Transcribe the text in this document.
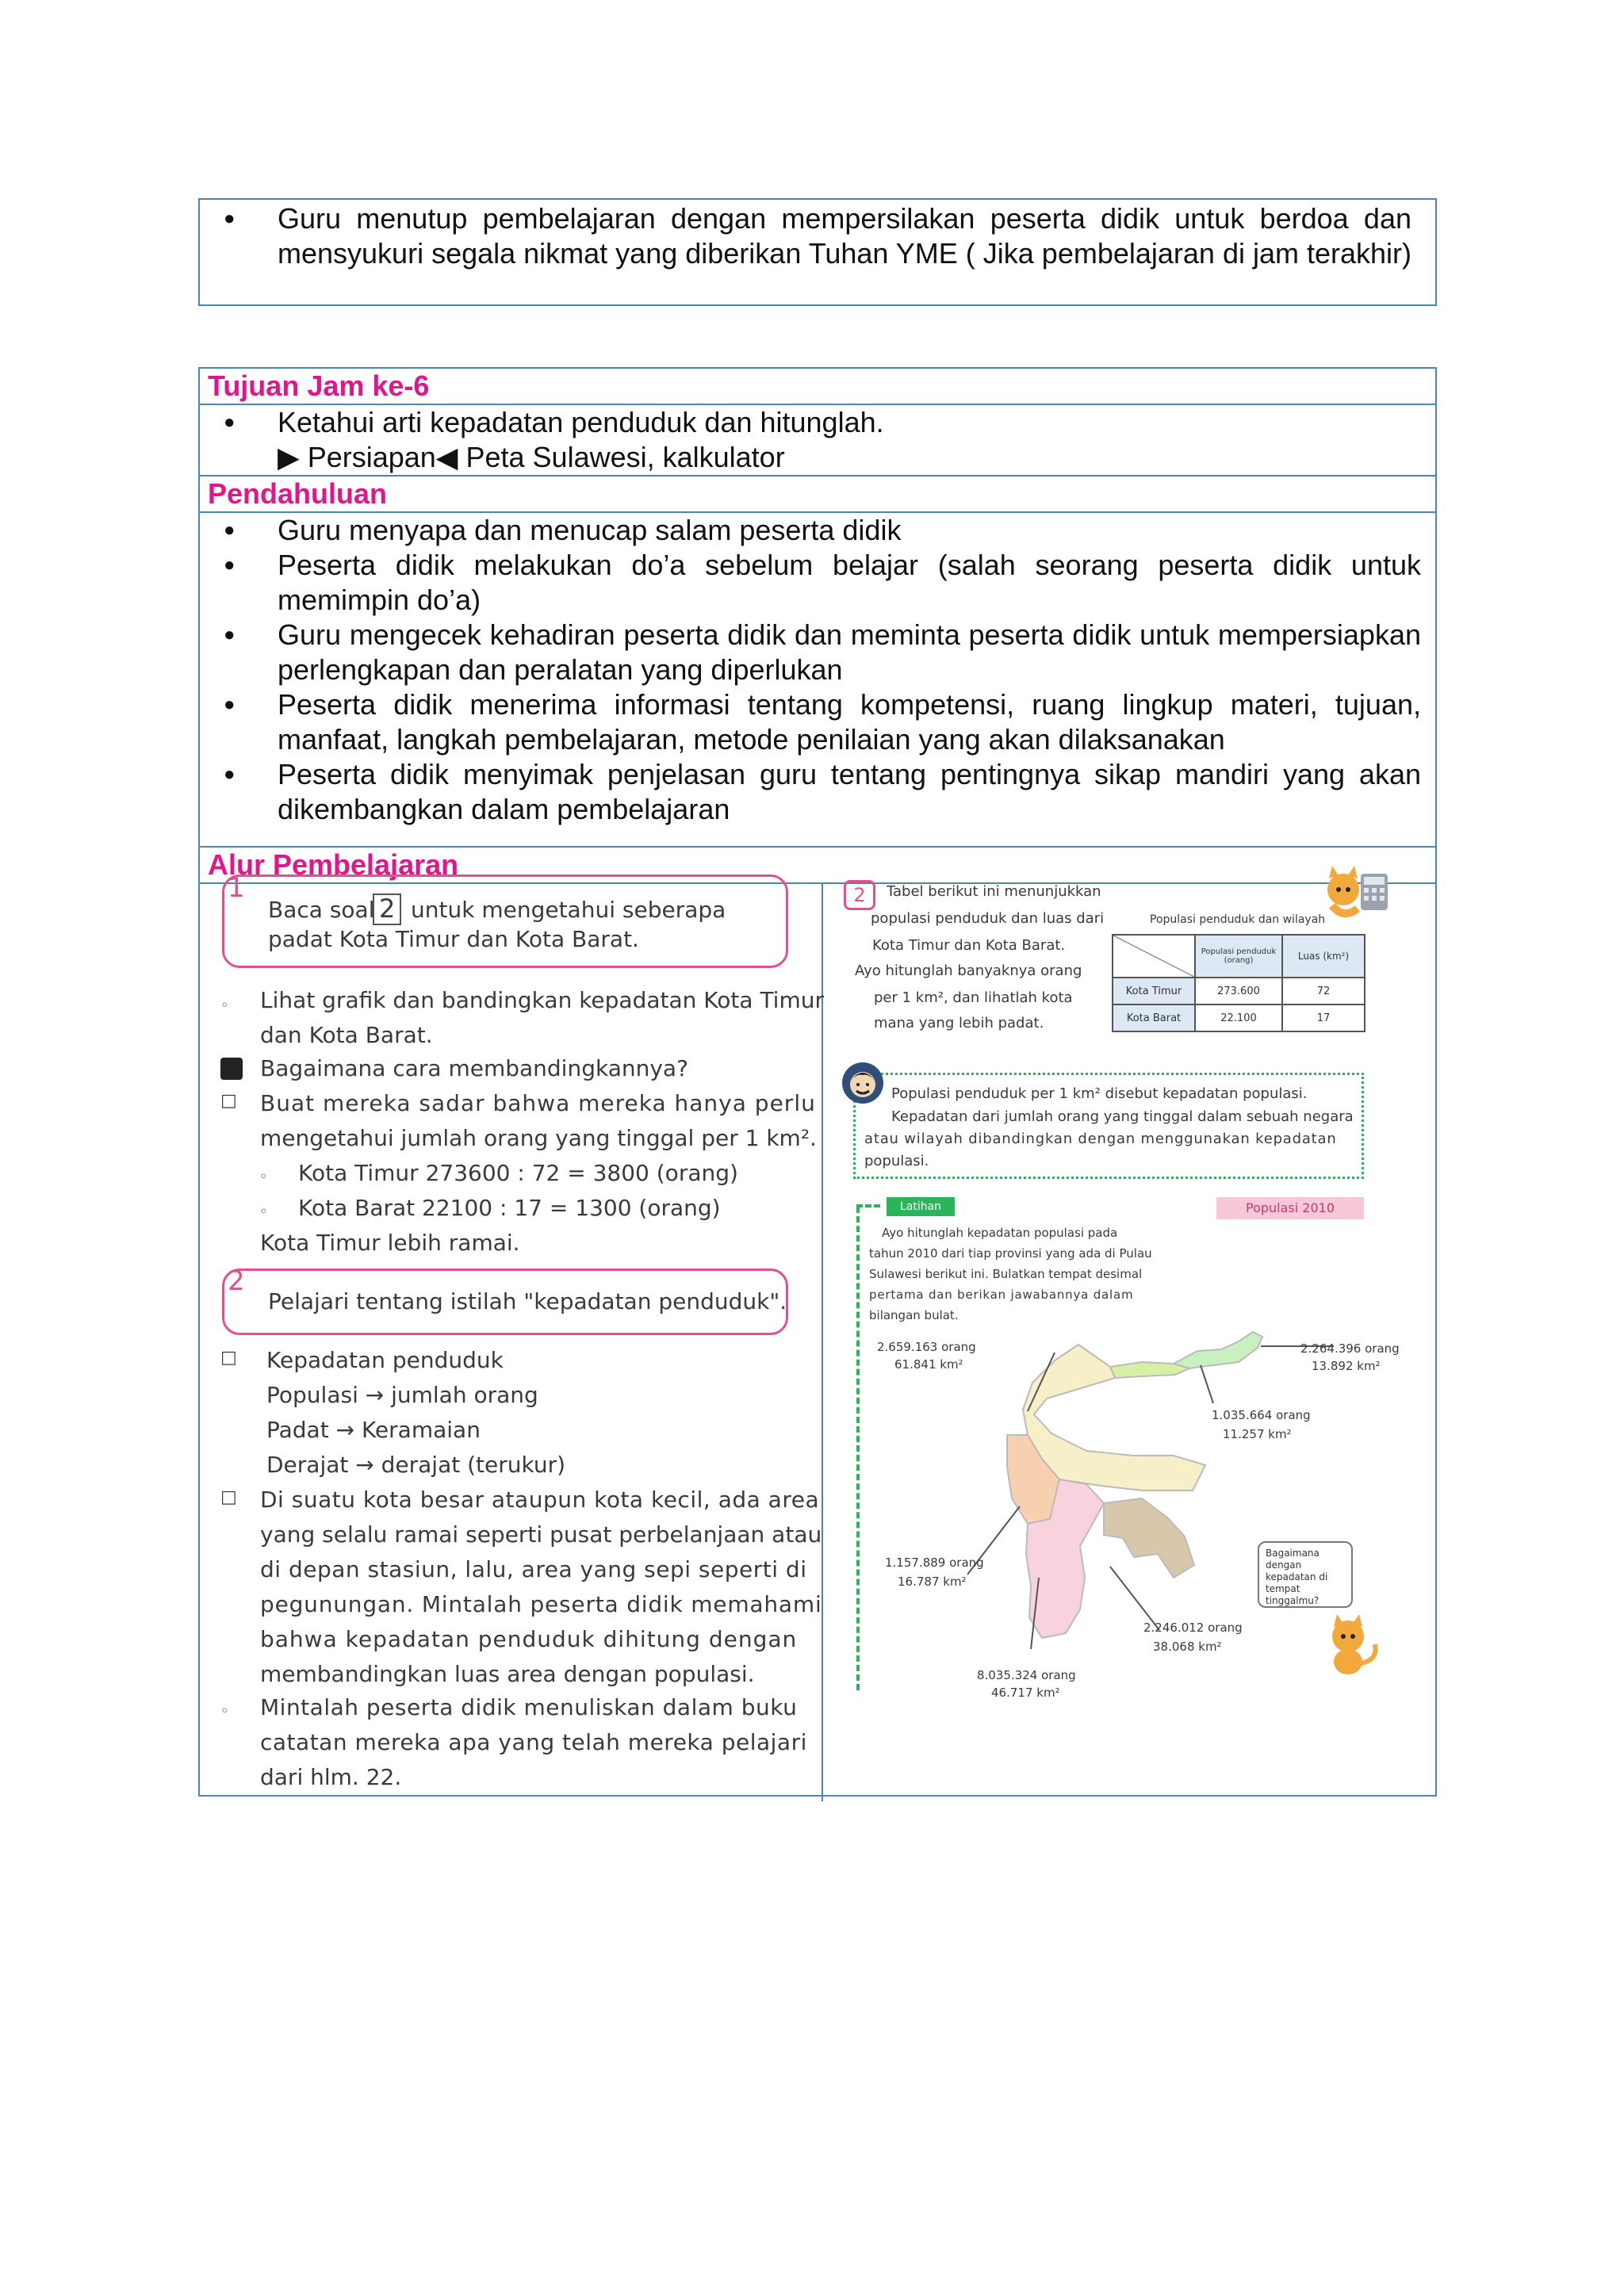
● Guru menutup pembelajaran dengan mempersilakan peserta didik untuk berdoa dan mensyukuri segala nikmat yang diberikan Tuhan YME ( Jika pembelajaran di jam terakhir)
Tujuan Jam ke-6
● Ketahui arti kepadatan penduduk dan hitunglah.
▶ Persiapan◀ Peta Sulawesi, kalkulator
Pendahuluan
● Guru menyapa dan menucap salam peserta didik
● Peserta didik melakukan do’a sebelum belajar (salah seorang peserta didik untuk memimpin do’a)
● Guru mengecek kehadiran peserta didik dan meminta peserta didik untuk mempersiapkan perlengkapan dan peralatan yang diperlukan
● Peserta didik menerima informasi tentang kompetensi, ruang lingkup materi, tujuan, manfaat, langkah pembelajaran, metode penilaian yang akan dilaksanakan
● Peserta didik menyimak penjelasan guru tentang pentingnya sikap mandiri yang akan dikembangkan dalam pembelajaran
Alur Pembelajaran
1
Baca soal 2 untuk mengetahui seberapa
padat Kota Timur dan Kota Barat.
◦ Lihat grafik dan bandingkan kepadatan Kota Timur
dan Kota Barat.
Bagaimana cara membandingkannya?
□ Buat mereka sadar bahwa mereka hanya perlu
mengetahui jumlah orang yang tinggal per 1 km².
◦ Kota Timur 273600 : 72 = 3800 (orang)
◦ Kota Barat 22100 : 17 = 1300 (orang)
Kota Timur lebih ramai.
2
Pelajari tentang istilah "kepadatan penduduk".
□ Kepadatan penduduk
Populasi → jumlah orang
Padat → Keramaian
Derajat → derajat (terukur)
□ Di suatu kota besar ataupun kota kecil, ada area
yang selalu ramai seperti pusat perbelanjaan atau
di depan stasiun, lalu, area yang sepi seperti di
pegunungan. Mintalah peserta didik memahami
bahwa kepadatan penduduk dihitung dengan
membandingkan luas area dengan populasi.
◦ Mintalah peserta didik menuliskan dalam buku
catatan mereka apa yang telah mereka pelajari
dari hlm. 22.
2	Tabel berikut ini menunjukkan
populasi penduduk dan luas dari
Kota Timur dan Kota Barat.
Ayo hitunglah banyaknya orang
per 1 km², dan lihatlah kota
mana yang lebih padat.
Populasi penduduk dan wilayah
	Populasi penduduk (orang)	Luas (km²)
Kota Timur	273.600	72
Kota Barat	22.100	17
Populasi penduduk per 1 km² disebut kepadatan populasi.
Kepadatan dari jumlah orang yang tinggal dalam sebuah negara
atau wilayah dibandingkan dengan menggunakan kepadatan
populasi.
Latihan	Populasi 2010
Ayo hitunglah kepadatan populasi pada
tahun 2010 dari tiap provinsi yang ada di Pulau
Sulawesi berikut ini. Bulatkan tempat desimal
pertama dan berikan jawabannya dalam
bilangan bulat.
2.659.163 orang
61.841 km²
2.264.396 orang
13.892 km²
1.035.664 orang
11.257 km²
1.157.889 orang
16.787 km²
2.246.012 orang
38.068 km²
8.035.324 orang
46.717 km²
Bagaimana dengan kepadatan di tempat tinggalmu?
